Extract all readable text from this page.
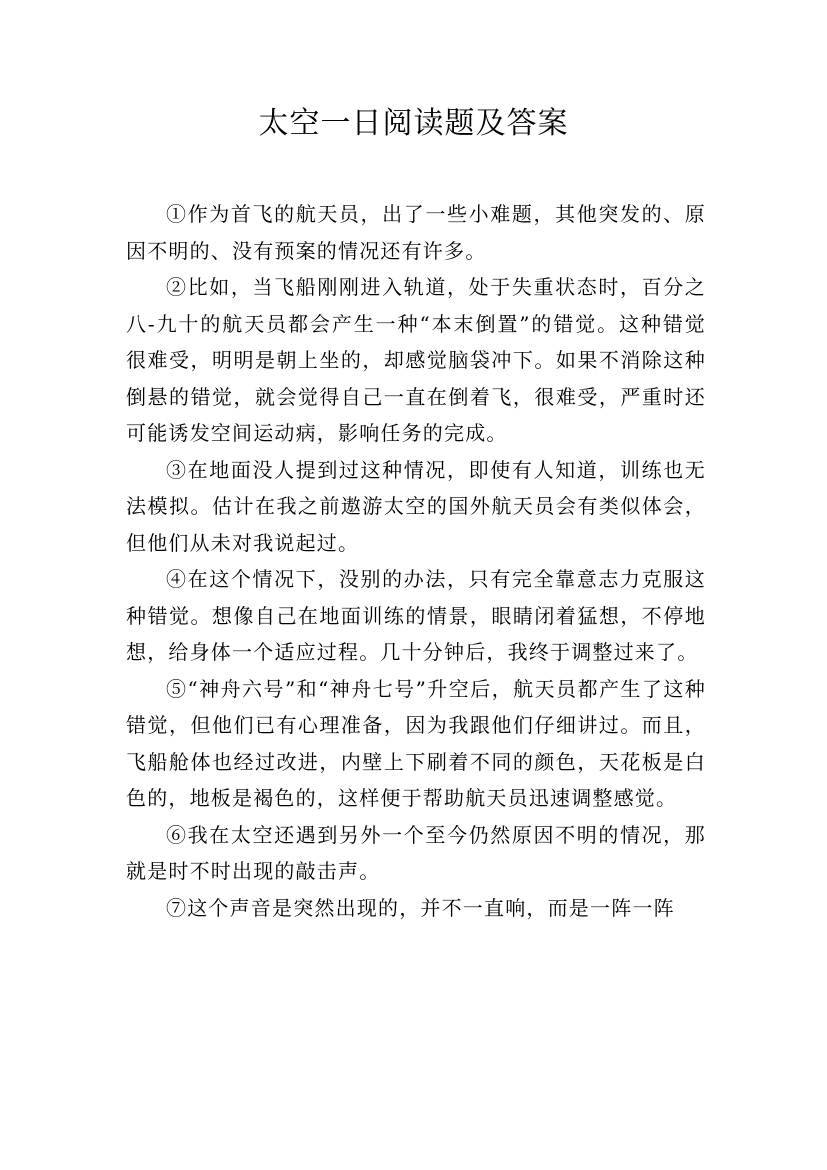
太空一日阅读题及答案

①作为首飞的航天员，出了一些小难题，其他突发的、原因不明的、没有预案的情况还有许多。

②比如，当飞船刚刚进入轨道，处于失重状态时，百分之八-九十的航天员都会产生一种“本末倒置”的错觉。这种错觉很难受，明明是朝上坐的，却感觉脑袋冲下。如果不消除这种倒悬的错觉，就会觉得自己一直在倒着飞，很难受，严重时还可能诱发空间运动病，影响任务的完成。

③在地面没人提到过这种情况，即使有人知道，训练也无法模拟。估计在我之前遨游太空的国外航天员会有类似体会，但他们从未对我说起过。

④在这个情况下，没别的办法，只有完全靠意志力克服这种错觉。想像自己在地面训练的情景，眼睛闭着猛想，不停地想，给身体一个适应过程。几十分钟后，我终于调整过来了。

⑤“神舟六号”和“神舟七号”升空后，航天员都产生了这种错觉，但他们已有心理准备，因为我跟他们仔细讲过。而且，飞船舱体也经过改进，内壁上下刷着不同的颜色，天花板是白色的，地板是褐色的，这样便于帮助航天员迅速调整感觉。

⑥我在太空还遇到另外一个至今仍然原因不明的情况，那就是时不时出现的敲击声。

⑦这个声音是突然出现的，并不一直响，而是一阵一阵
